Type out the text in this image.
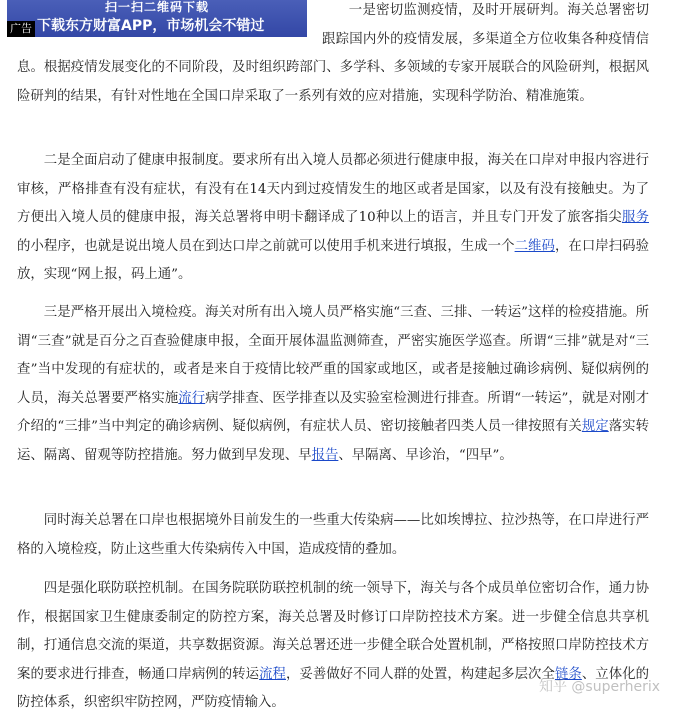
一是密切监测疫情，及时开展研判。海关总署密切跟踪国内外的疫情发展，多渠道全方位收集各种疫情信息。根据疫情发展变化的不同阶段，及时组织跨部门、多学科、多领域的专家开展联合的风险研判，根据风险研判的结果，有针对性地在全国口岸采取了一系列有效的应对措施，实现科学防治、精准施策。

扫一扫二维码下载
下载东方财富APP，市场机会不错过
广告

二是全面启动了健康申报制度。要求所有出入境人员都必须进行健康申报，海关在口岸对申报内容进行审核，严格排查有没有症状，有没有在14天内到过疫情发生的地区或者是国家，以及有没有接触史。为了方便出入境人员的健康申报，海关总署将申明卡翻译成了10种以上的语言，并且专门开发了旅客指尖服务的小程序，也就是说出境人员在到达口岸之前就可以使用手机来进行填报，生成一个二维码，在口岸扫码验放，实现“网上报，码上通”。

三是严格开展出入境检疫。海关对所有出入境人员严格实施“三查、三排、一转运”这样的检疫措施。所谓“三查”就是百分之百查验健康申报，全面开展体温监测筛查，严密实施医学巡查。所谓“三排”就是对“三查”当中发现的有症状的，或者是来自于疫情比较严重的国家或地区，或者是接触过确诊病例、疑似病例的人员，海关总署要严格实施流行病学排查、医学排查以及实验室检测进行排查。所谓“一转运”，就是对刚才介绍的“三排”当中判定的确诊病例、疑似病例，有症状人员、密切接触者四类人员一律按照有关规定落实转运、隔离、留观等防控措施。努力做到早发现、早报告、早隔离、早诊治，“四早”。

同时海关总署在口岸也根据境外目前发生的一些重大传染病——比如埃博拉、拉沙热等，在口岸进行严格的入境检疫，防止这些重大传染病传入中国，造成疫情的叠加。

四是强化联防联控机制。在国务院联防联控机制的统一领导下，海关与各个成员单位密切合作，通力协作，根据国家卫生健康委制定的防控方案，海关总署及时修订口岸防控技术方案。进一步健全信息共享机制，打通信息交流的渠道，共享数据资源。海关总署还进一步健全联合处置机制，严格按照口岸防控技术方案的要求进行排查，畅通口岸病例的转运流程，妥善做好不同人群的处置，构建起多层次全链条、立体化的防控体系，织密织牢防控网，严防疫情输入。

知乎 @superherix
